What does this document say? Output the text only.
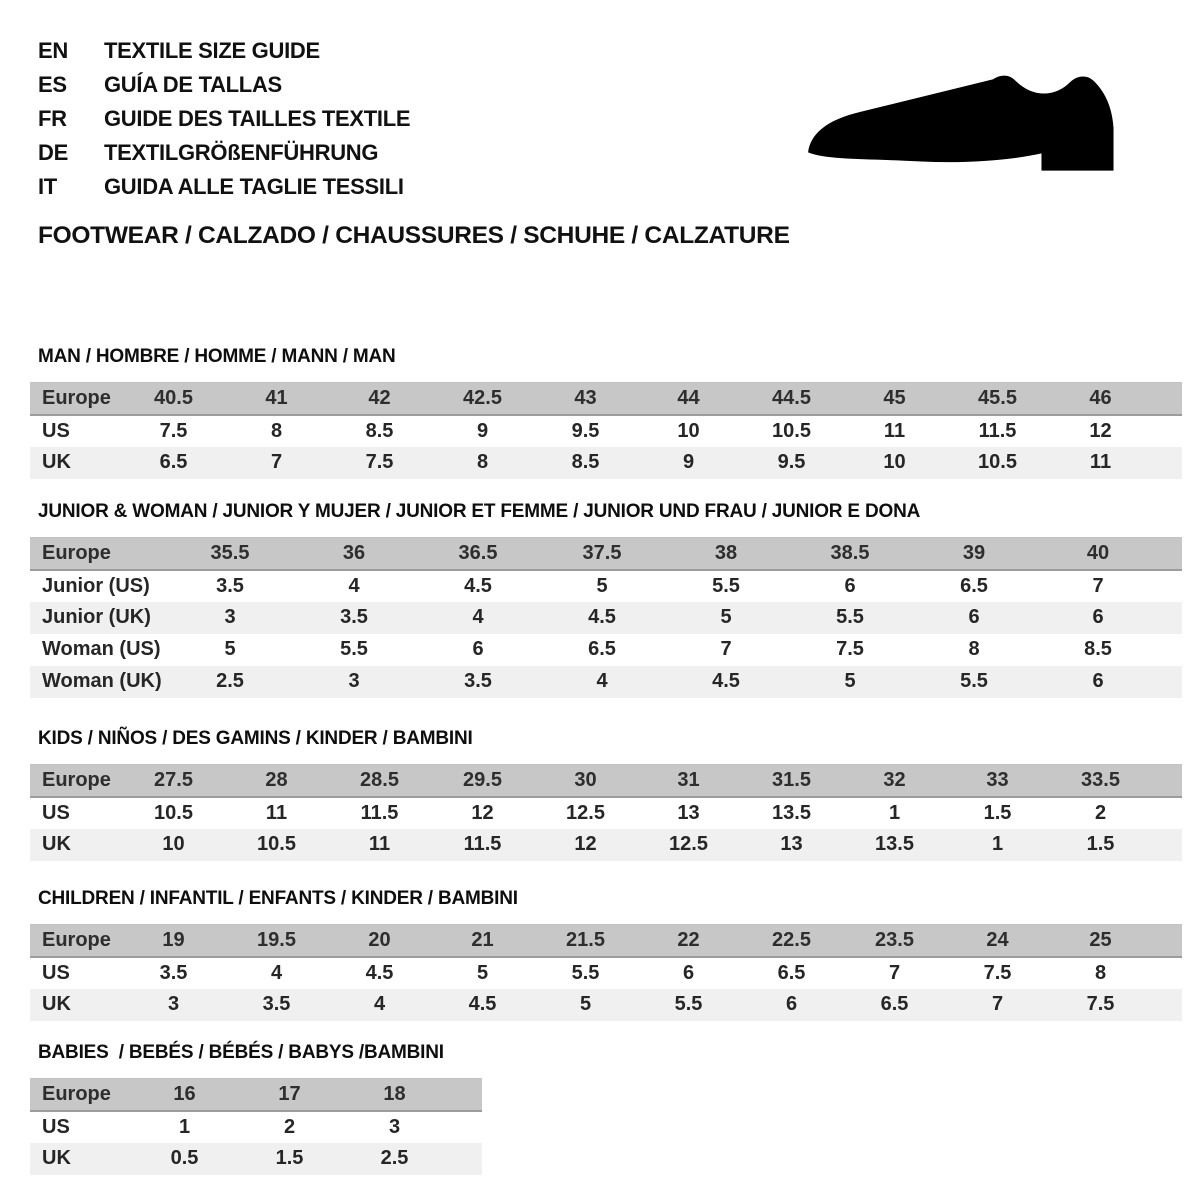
EN	TEXTILE SIZE GUIDE
ES	GUÍA DE TALLAS
FR	GUIDE DES TAILLES TEXTILE
DE	TEXTILGRÖßENFÜHRUNG
IT	GUIDA ALLE TAGLIE TESSILI
FOOTWEAR / CALZADO / CHAUSSURES / SCHUHE / CALZATURE
MAN / HOMBRE / HOMME / MANN / MAN
Europe	40.5	41	42	42.5	43	44	44.5	45	45.5	46	
US	7.5	8	8.5	9	9.5	10	10.5	11	11.5	12	
UK	6.5	7	7.5	8	8.5	9	9.5	10	10.5	11	
JUNIOR & WOMAN / JUNIOR Y MUJER / JUNIOR ET FEMME / JUNIOR UND FRAU / JUNIOR E DONA
Europe	35.5	36	36.5	37.5	38	38.5	39	40	
Junior (US)	3.5	4	4.5	5	5.5	6	6.5	7	
Junior (UK)	3	3.5	4	4.5	5	5.5	6	6	
Woman (US)	5	5.5	6	6.5	7	7.5	8	8.5	
Woman (UK)	2.5	3	3.5	4	4.5	5	5.5	6	
KIDS / NIÑOS / DES GAMINS / KINDER / BAMBINI
Europe	27.5	28	28.5	29.5	30	31	31.5	32	33	33.5	
US	10.5	11	11.5	12	12.5	13	13.5	1	1.5	2	
UK	10	10.5	11	11.5	12	12.5	13	13.5	1	1.5	
CHILDREN / INFANTIL / ENFANTS / KINDER / BAMBINI
Europe	19	19.5	20	21	21.5	22	22.5	23.5	24	25	
US	3.5	4	4.5	5	5.5	6	6.5	7	7.5	8	
UK	3	3.5	4	4.5	5	5.5	6	6.5	7	7.5	
BABIES  / BEBÉS / BÉBÉS / BABYS /BAMBINI
Europe	16	17	18	
US	1	2	3	
UK	0.5	1.5	2.5	
